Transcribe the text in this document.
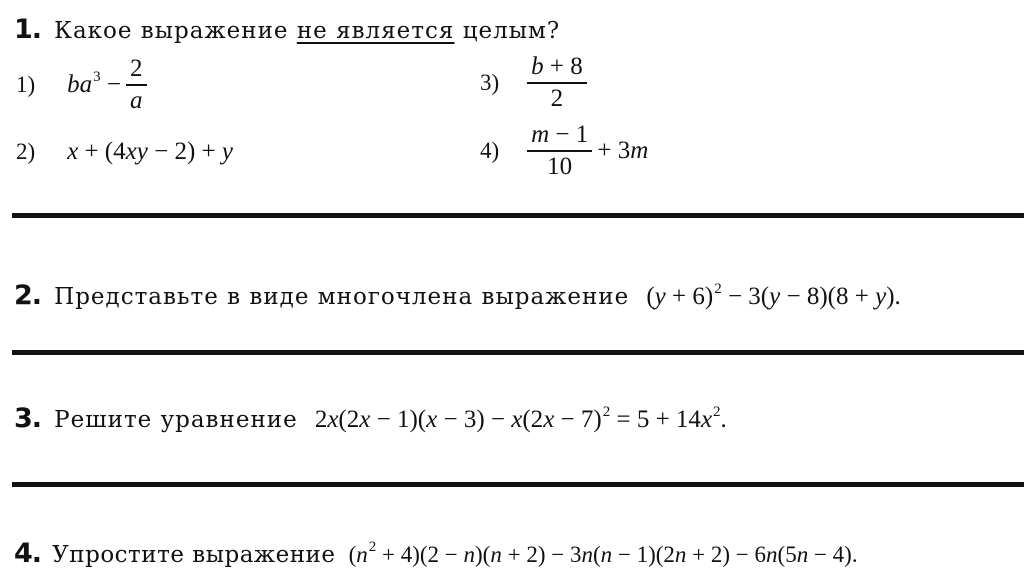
1. Какое выражение не является целым?
1) $ba^3 - \frac{2}{a}$	$3) \frac{b + 8}{2}$
2) x + (4xy − 2) + y	$4) \frac{m - 1}{10} + 3m$
2. Представьте в виде многочлена выражение $(y + 6)^2 - 3(y - 8)(8 + y)$.
3. Решите уравнение $2x(2x - 1)(x - 3) - x(2x - 7)^2 = 5 + 14x^2$.
4. Упростите выражение $(n^2 + 4)(2 - n)(n + 2) - 3n(n - 1)(2n + 2) - 6n(5n - 4)$.
